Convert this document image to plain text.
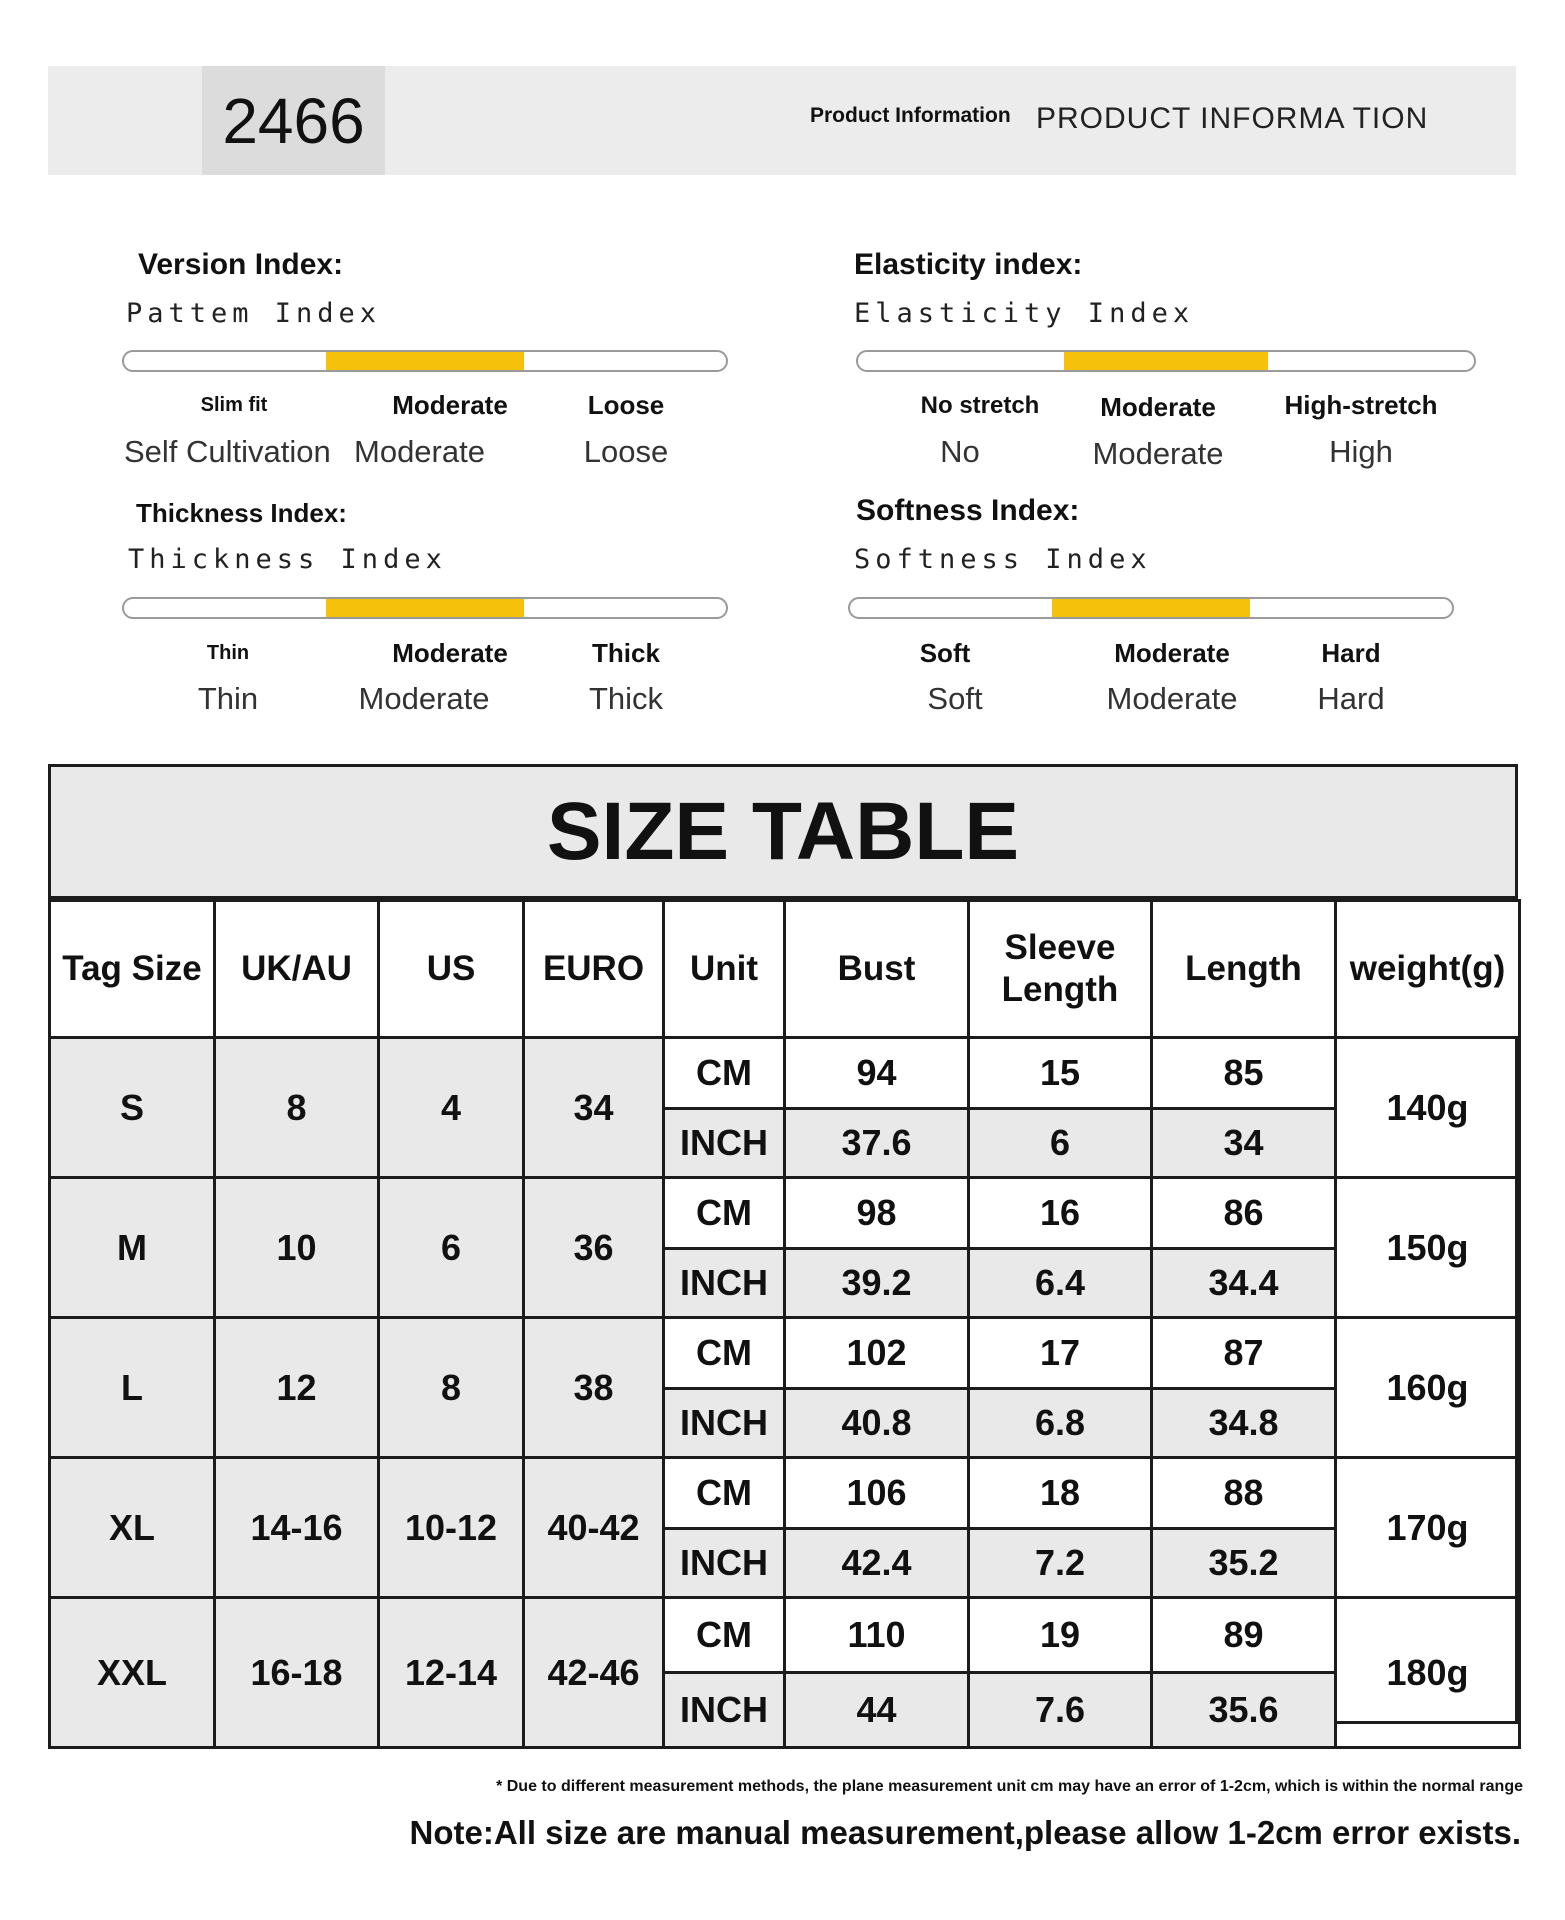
2466	Product Information PRODUCT INFORMA TION
Version Index:
Pattem Index
Slim fit	Moderate	Loose
Self Cultivation Moderate	Loose
Elasticity index:
Elasticity Index
No stretch	Moderate	High-stretch
No	Moderate	High
Thickness Index:
Thickness Index
Thin	Moderate	Thick
Thin	Moderate	Thick
Softness Index:
Softness Index
Soft	Moderate	Hard
Soft	Moderate	Hard
SIZE TABLE
Tag Size	UK/AU	US	EURO	Unit	Bust	Sleeve Length	Length	weight(g)
S	8	4	34	CM	94	15	85	140g
				INCH	37.6	6	34	
M	10	6	36	CM	98	16	86	150g
				INCH	39.2	6.4	34.4	
L	12	8	38	CM	102	17	87	160g
				INCH	40.8	6.8	34.8	
XL	14-16	10-12	40-42	CM	106	18	88	170g
				INCH	42.4	7.2	35.2	
XXL	16-18	12-14	42-46	CM	110	19	89	180g
				INCH	44	7.6	35.6	
* Due to different measurement methods, the plane measurement unit cm may have an error of 1-2cm, which is within the normal range
Note:All size are manual measurement,please allow 1-2cm error exists.
